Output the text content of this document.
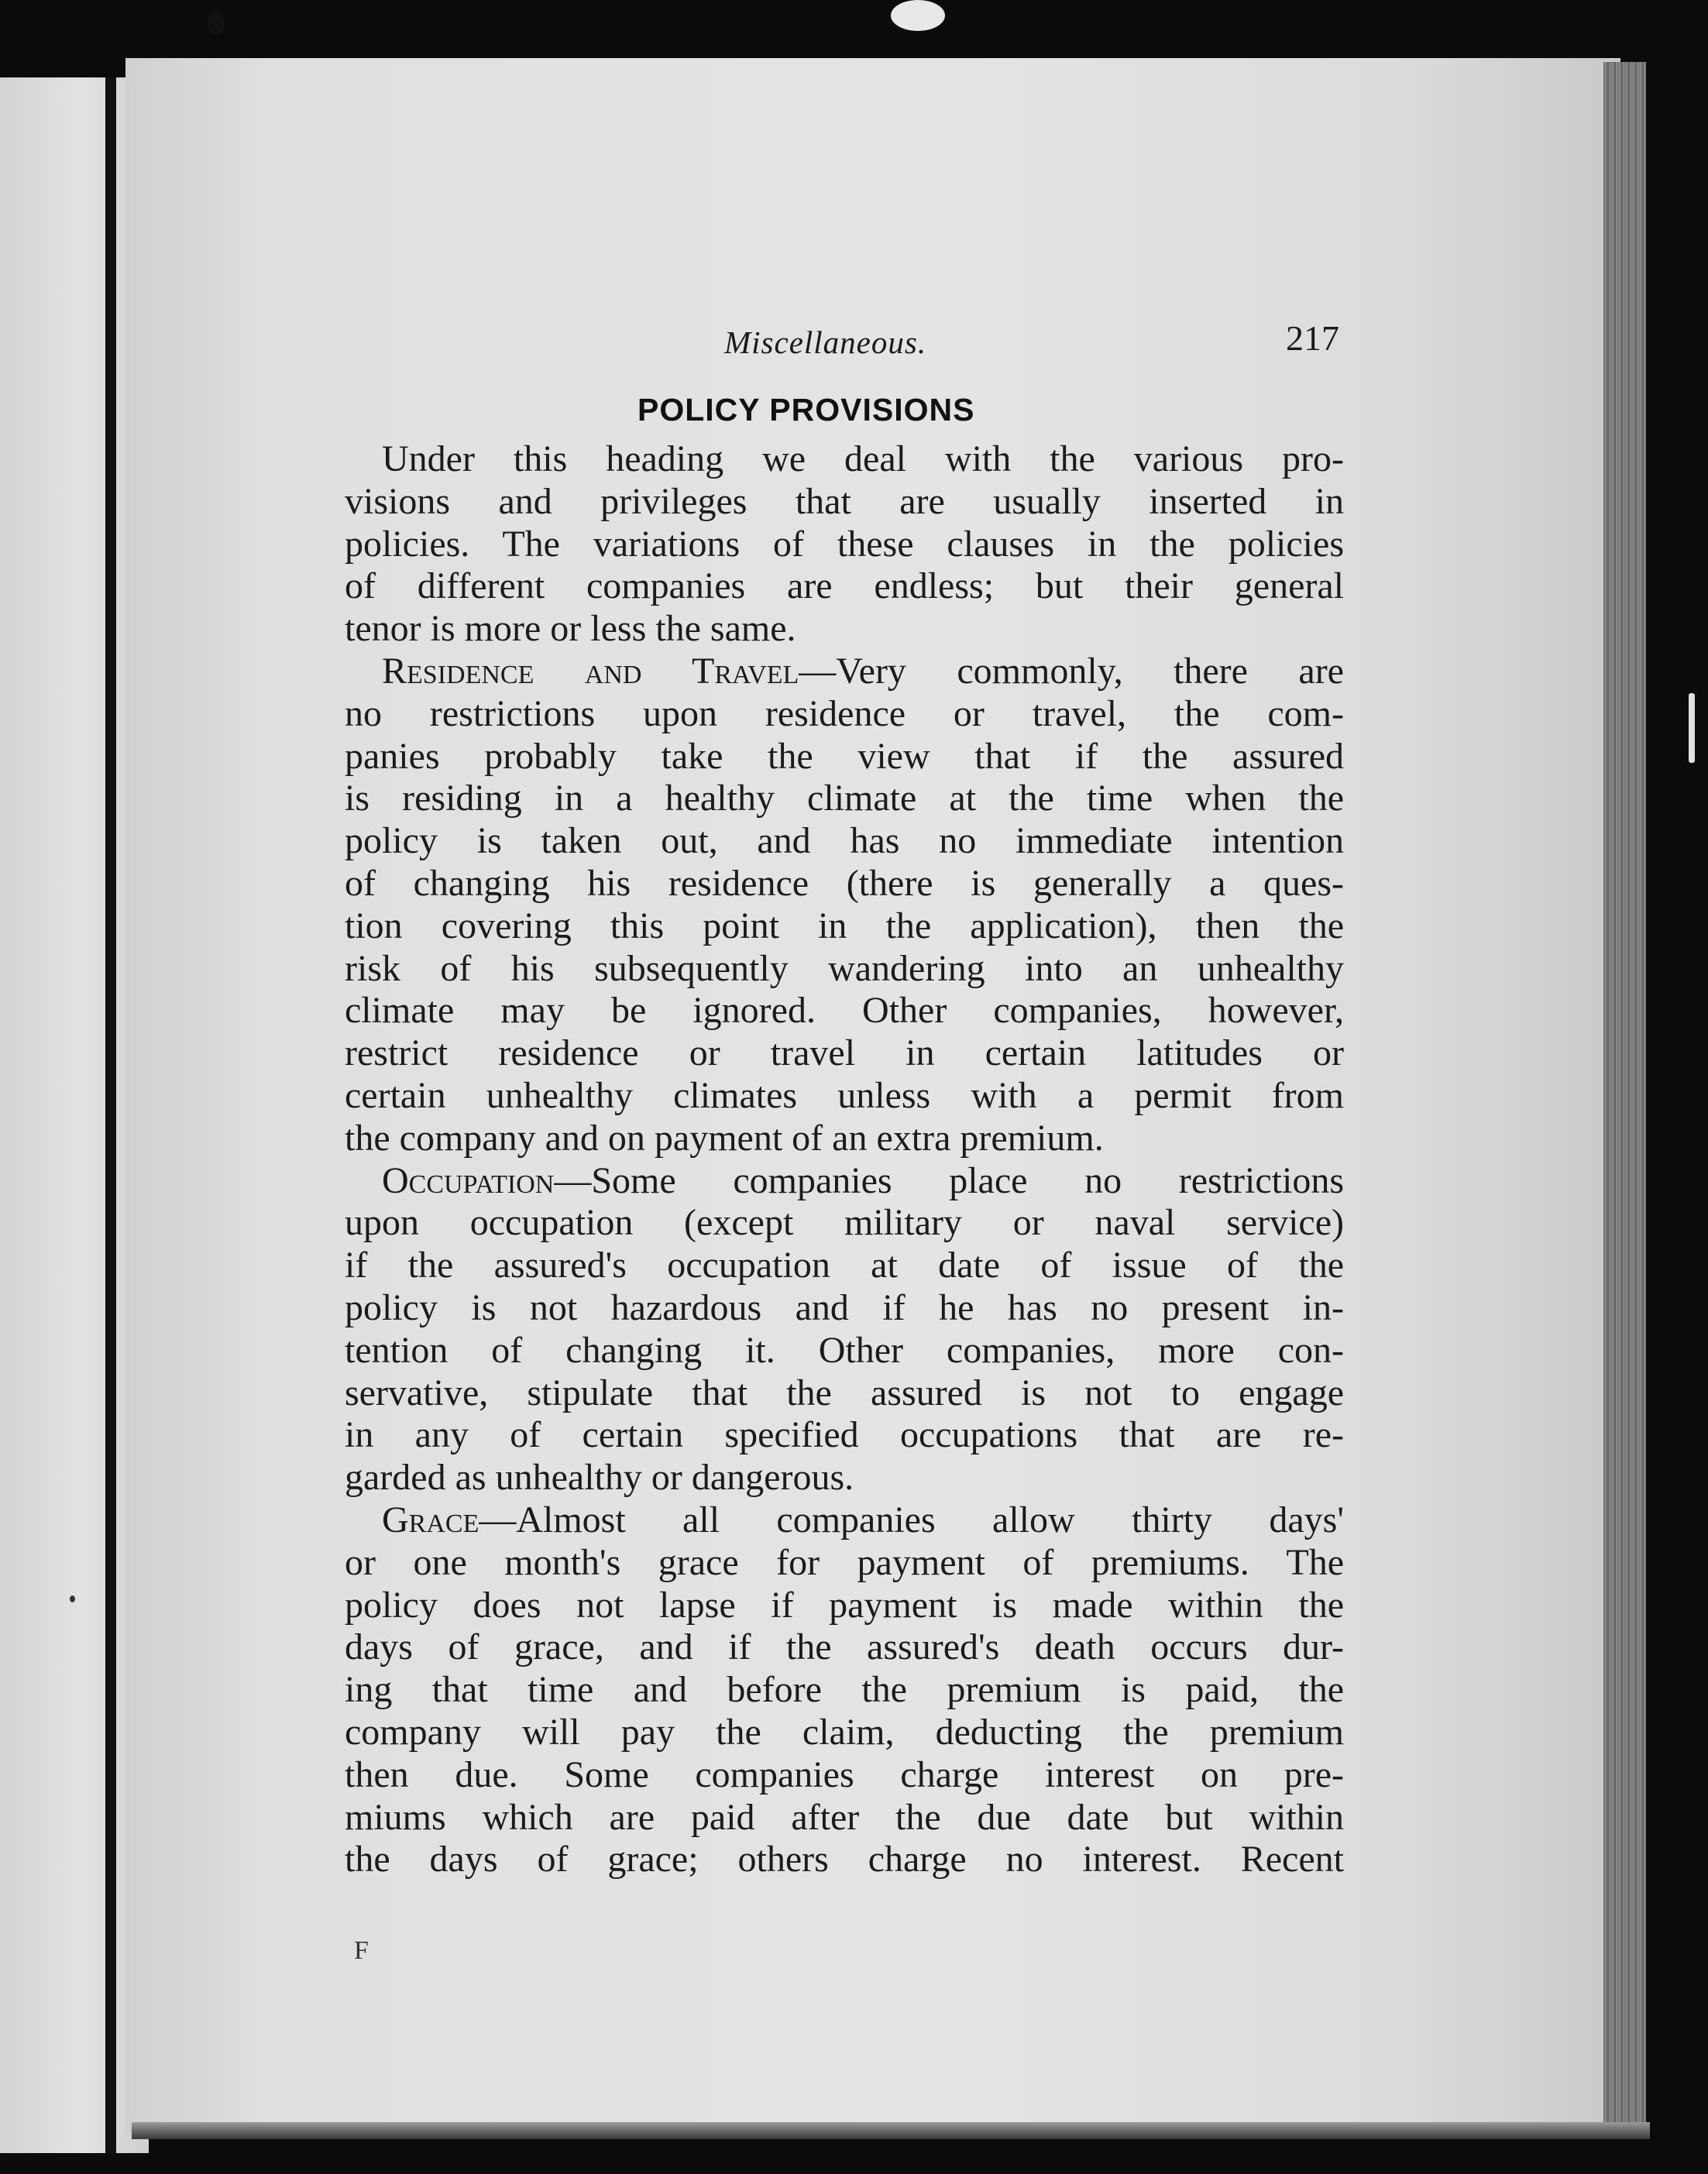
Miscellaneous.	217
POLICY PROVISIONS
Under this heading we deal with the various pro-
visions and privileges that are usually inserted in
policies. The variations of these clauses in the policies
of different companies are endless; but their general
tenor is more or less the same.
Residence and Travel—Very commonly, there are
no restrictions upon residence or travel, the com-
panies probably take the view that if the assured
is residing in a healthy climate at the time when the
policy is taken out, and has no immediate intention
of changing his residence (there is generally a ques-
tion covering this point in the application), then the
risk of his subsequently wandering into an unhealthy
climate may be ignored. Other companies, however,
restrict residence or travel in certain latitudes or
certain unhealthy climates unless with a permit from
the company and on payment of an extra premium.
Occupation—Some companies place no restrictions
upon occupation (except military or naval service)
if the assured's occupation at date of issue of the
policy is not hazardous and if he has no present in-
tention of changing it. Other companies, more con-
servative, stipulate that the assured is not to engage
in any of certain specified occupations that are re-
garded as unhealthy or dangerous.
Grace—Almost all companies allow thirty days'
or one month's grace for payment of premiums. The
policy does not lapse if payment is made within the
days of grace, and if the assured's death occurs dur-
ing that time and before the premium is paid, the
company will pay the claim, deducting the premium
then due. Some companies charge interest on pre-
miums which are paid after the due date but within
the days of grace; others charge no interest. Recent
F
